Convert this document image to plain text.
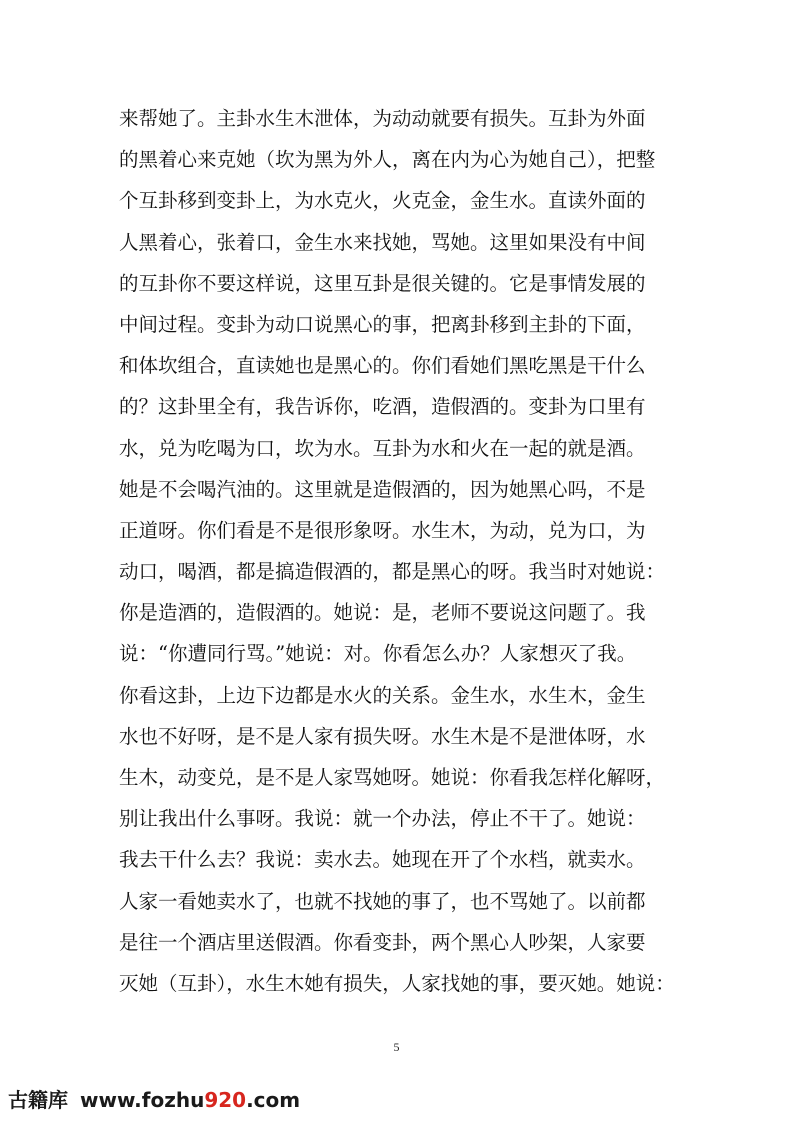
来帮她了。主卦水生木泄体，为动动就要有损失。互卦为外面
的黑着心来克她（坎为黑为外人，离在内为心为她自己），把整
个互卦移到变卦上，为水克火，火克金，金生水。直读外面的
人黑着心，张着口，金生水来找她，骂她。这里如果没有中间
的互卦你不要这样说，这里互卦是很关键的。它是事情发展的
中间过程。变卦为动口说黑心的事，把离卦移到主卦的下面，
和体坎组合，直读她也是黑心的。你们看她们黑吃黑是干什么
的？这卦里全有，我告诉你，吃酒，造假酒的。变卦为口里有
水，兑为吃喝为口，坎为水。互卦为水和火在一起的就是酒。
她是不会喝汽油的。这里就是造假酒的，因为她黑心吗，不是
正道呀。你们看是不是很形象呀。水生木，为动，兑为口，为
动口，喝酒，都是搞造假酒的，都是黑心的呀。我当时对她说：
你是造酒的，造假酒的。她说：是，老师不要说这问题了。我
说：“你遭同行骂。”她说：对。你看怎么办？人家想灭了我。
你看这卦，上边下边都是水火的关系。金生水，水生木，金生
水也不好呀，是不是人家有损失呀。水生木是不是泄体呀，水
生木，动变兑，是不是人家骂她呀。她说：你看我怎样化解呀，
别让我出什么事呀。我说：就一个办法，停止不干了。她说：
我去干什么去？我说：卖水去。她现在开了个水档，就卖水。
人家一看她卖水了，也就不找她的事了，也不骂她了。以前都
是往一个酒店里送假酒。你看变卦，两个黑心人吵架，人家要
灭她（互卦），水生木她有损失，人家找她的事，要灭她。她说：
5
古籍库 www.fozhu920.com
